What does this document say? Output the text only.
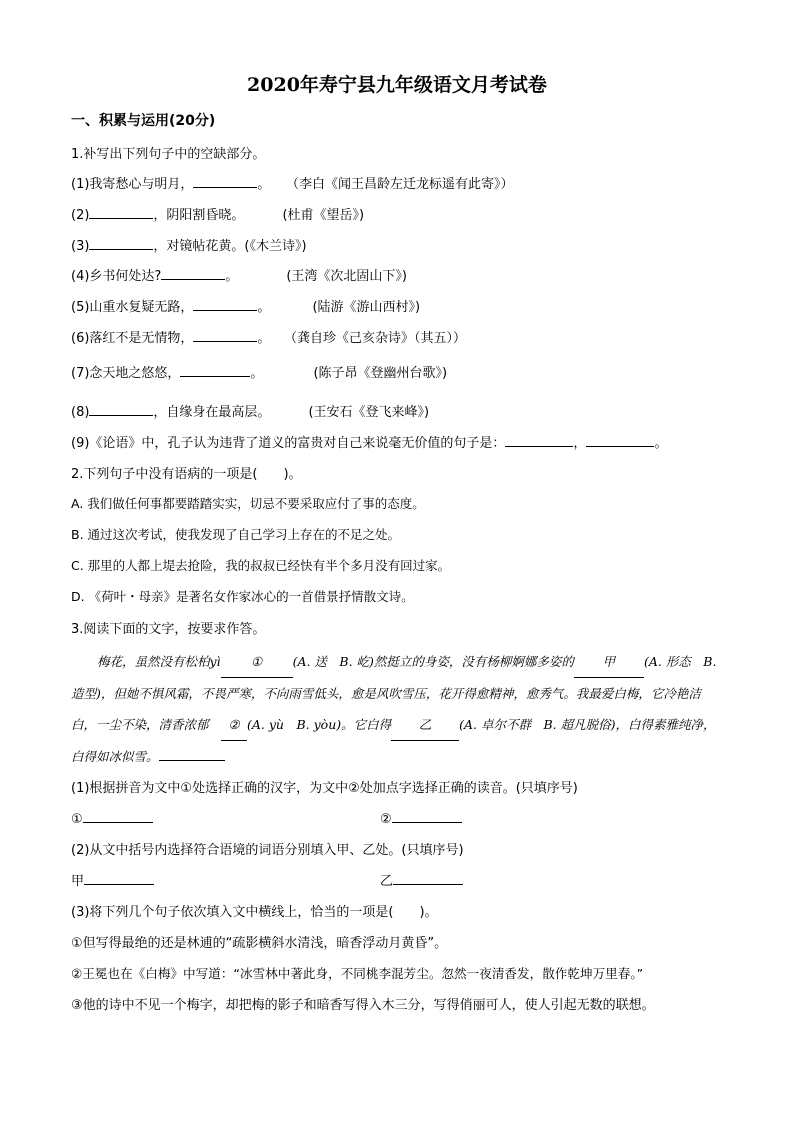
2020年寿宁县九年级语文月考试卷
一、积累与运用(20分)
1.补写出下列句子中的空缺部分。
(1)我寄愁心与明月，	。 （李白《闻王昌龄左迁龙标遥有此寄》）
(2)	，阴阳割昏晓。	(杜甫《望岳》)
(3)	，对镜帖花黄。(《木兰诗》)
(4)乡书何处达?	。	(王湾《次北固山下》)
(5)山重水复疑无路，	。	(陆游《游山西村》)
(6)落红不是无情物，	。 （龚自珍《己亥杂诗》（其五））
(7)念天地之悠悠，	。	(陈子昂《登幽州台歌》)
(8)	，自缘身在最高层。	(王安石《登飞来峰》)
(9)《论语》中，孔子认为违背了道义的富贵对自己来说毫无价值的句子是：	，	。
2.下列句子中没有语病的一项是(　　)。
A. 我们做任何事都要踏踏实实，切忌不要采取应付了事的态度。
B. 通过这次考试，使我发现了自己学习上存在的不足之处。
C. 那里的人都上堤去抢险，我的叔叔已经快有半个多月没有回过家。
D. 《荷叶・母亲》是著名女作家冰心的一首借景抒情散文诗。
3.阅读下面的文字，按要求作答。
梅花，虽然没有松柏yì ① (A. 送　B. 屹)然挺立的身姿，没有杨柳婀娜多姿的 甲 (A. 形态　B. 造型)，但她不惧风霜，不畏严寒，不向雨雪低头，愈是风吹雪压，花开得愈精神，愈秀气。我最爱白梅，它冷艳洁白，一尘不染，清香浓郁　② (A. yù　B. yòu)。它白得 乙 (A. 卓尔不群　B. 超凡脱俗)，白得素雅纯净，白得如冰似雪。
(1)根据拼音为文中①处选择正确的汉字，为文中②处加点字选择正确的读音。(只填序号)
①	②
(2)从文中括号内选择符合语境的词语分别填入甲、乙处。(只填序号)
甲	乙
(3)将下列几个句子依次填入文中横线上，恰当的一项是(　　)。
①但写得最绝的还是林逋的“疏影横斜水清浅，暗香浮动月黄昏”。
②王冕也在《白梅》中写道：“冰雪林中著此身，不同桃李混芳尘。忽然一夜清香发，散作乾坤万里春。”
③他的诗中不见一个梅字，却把梅的影子和暗香写得入木三分，写得俏丽可人，使人引起无数的联想。
